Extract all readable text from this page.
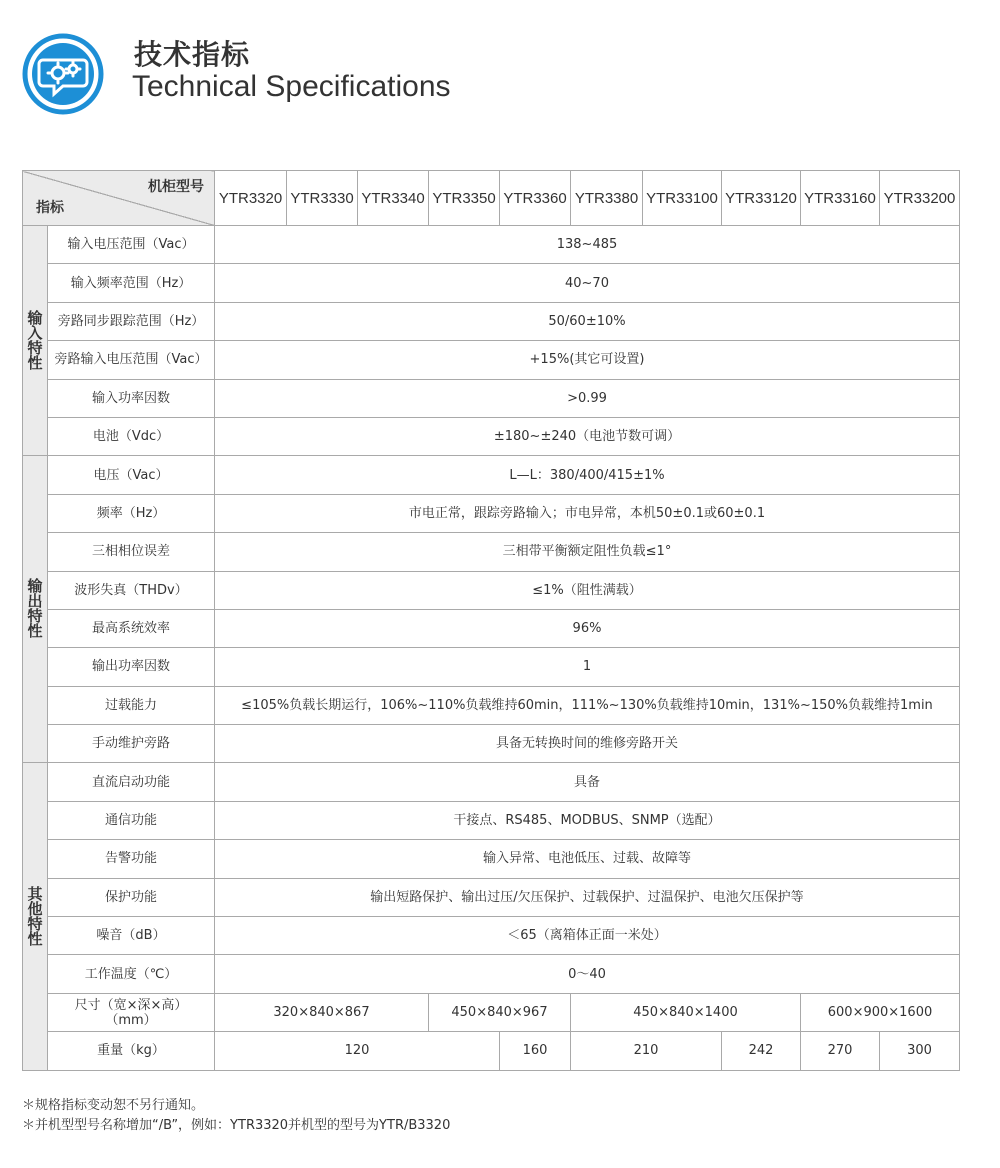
技术指标
Technical Specifications
机柜型号
指标		YTR3320	YTR3330	YTR3340	YTR3350	YTR3360	YTR3380	YTR33100	YTR33120	YTR33160	YTR33200

输
入
特
性	输入电压范围（Vac）	138~485									
	输入频率范围（Hz）	40~70									
	旁路同步跟踪范围（Hz）	50/60±10%									
	旁路输入电压范围（Vac）	+15%(其它可设置)									
	输入功率因数	>0.99									
	电池（Vdc）	±180~±240（电池节数可调）									

输
出
特
性	电压（Vac）	L—L：380/400/415±1%									
	频率（Hz）	市电正常，跟踪旁路输入；市电异常，本机50±0.1或60±0.1									
	三相相位误差	三相带平衡额定阻性负载≤1°									
	波形失真（THDv）	≤1%（阻性满载）									
	最高系统效率	96%									
	输出功率因数	1									
	过载能力	≤105%负载长期运行，106%~110%负载维持60min，111%~130%负载维持10min，131%~150%负载维持1min									
	手动维护旁路	具备无转换时间的维修旁路开关									

其
他
特
性	直流启动功能	具备									
	通信功能	干接点、RS485、MODBUS、SNMP（选配）									
	告警功能	输入异常、电池低压、过载、故障等									
	保护功能	输出短路保护、输出过压/欠压保护、过载保护、过温保护、电池欠压保护等									
	噪音（dB）	＜65（离箱体正面一米处）									
	工作温度（℃）	0～40									

	尺寸（宽×深×高）
（mm）	320×840×867			450×840×967		450×840×1400			600×900×1600	
	重量（kg）	120				160	210		242	270	300
＊规格指标变动恕不另行通知。
＊并机型型号名称增加“/B”，例如：YTR3320并机型的型号为YTR/B3320
